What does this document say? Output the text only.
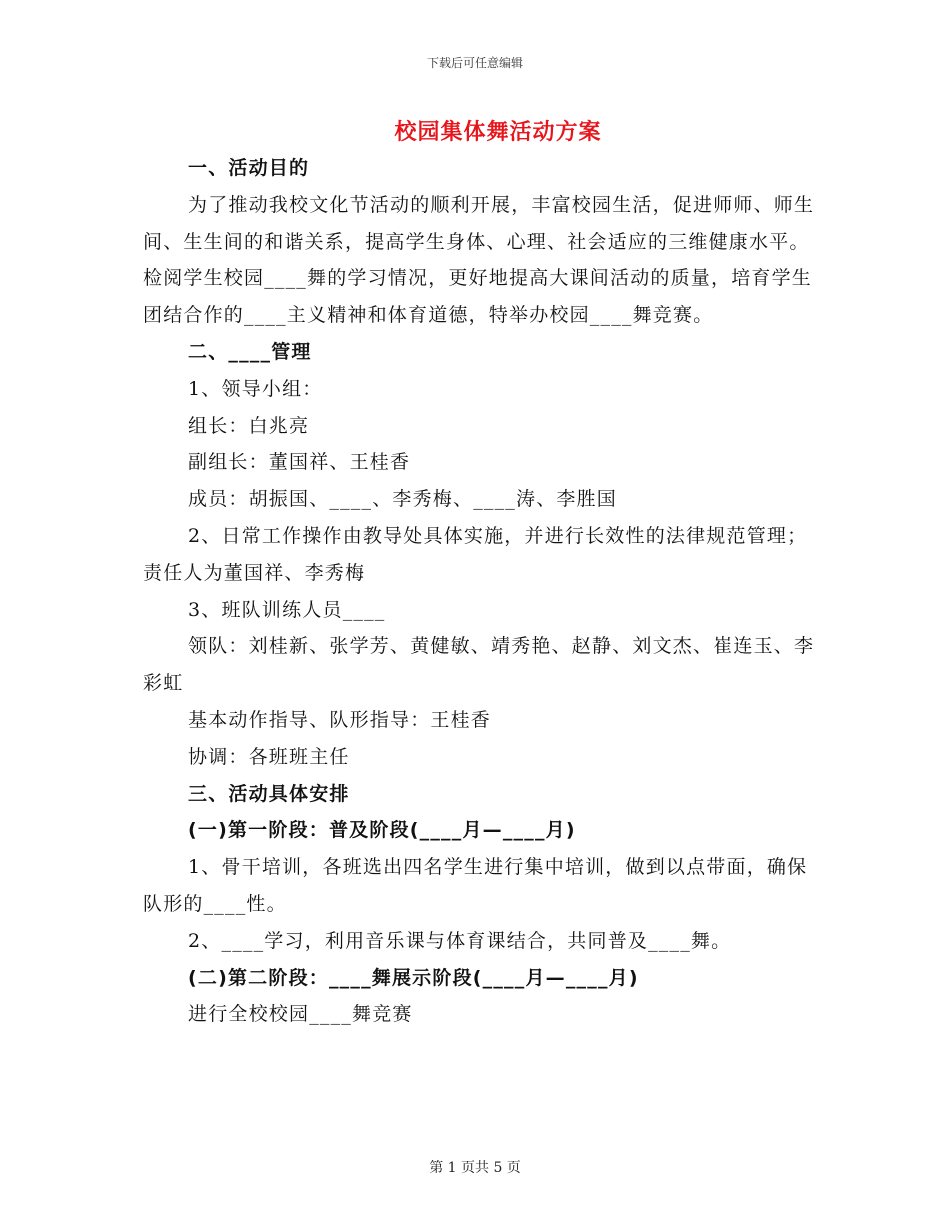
下载后可任意编辑
校园集体舞活动方案

一、活动目的

为了推动我校文化节活动的顺利开展，丰富校园生活，促进师师、师生间、生生间的和谐关系，提高学生身体、心理、社会适应的三维健康水平。检阅学生校园____舞的学习情况，更好地提高大课间活动的质量，培育学生团结合作的____主义精神和体育道德，特举办校园____舞竞赛。

二、____管理

1、领导小组：

组长：白兆亮

副组长：董国祥、王桂香

成员：胡振国、____、李秀梅、____涛、李胜国

2、日常工作操作由教导处具体实施，并进行长效性的法律规范管理；责任人为董国祥、李秀梅

3、班队训练人员____

领队：刘桂新、张学芳、黄健敏、靖秀艳、赵静、刘文杰、崔连玉、李彩虹

基本动作指导、队形指导：王桂香

协调：各班班主任

三、活动具体安排

(一)第一阶段：普及阶段(____月—____月)

1、骨干培训，各班选出四名学生进行集中培训，做到以点带面，确保队形的____性。

2、____学习，利用音乐课与体育课结合，共同普及____舞。

(二)第二阶段：____舞展示阶段(____月—____月)

进行全校校园____舞竞赛

第 1 页共 5 页
